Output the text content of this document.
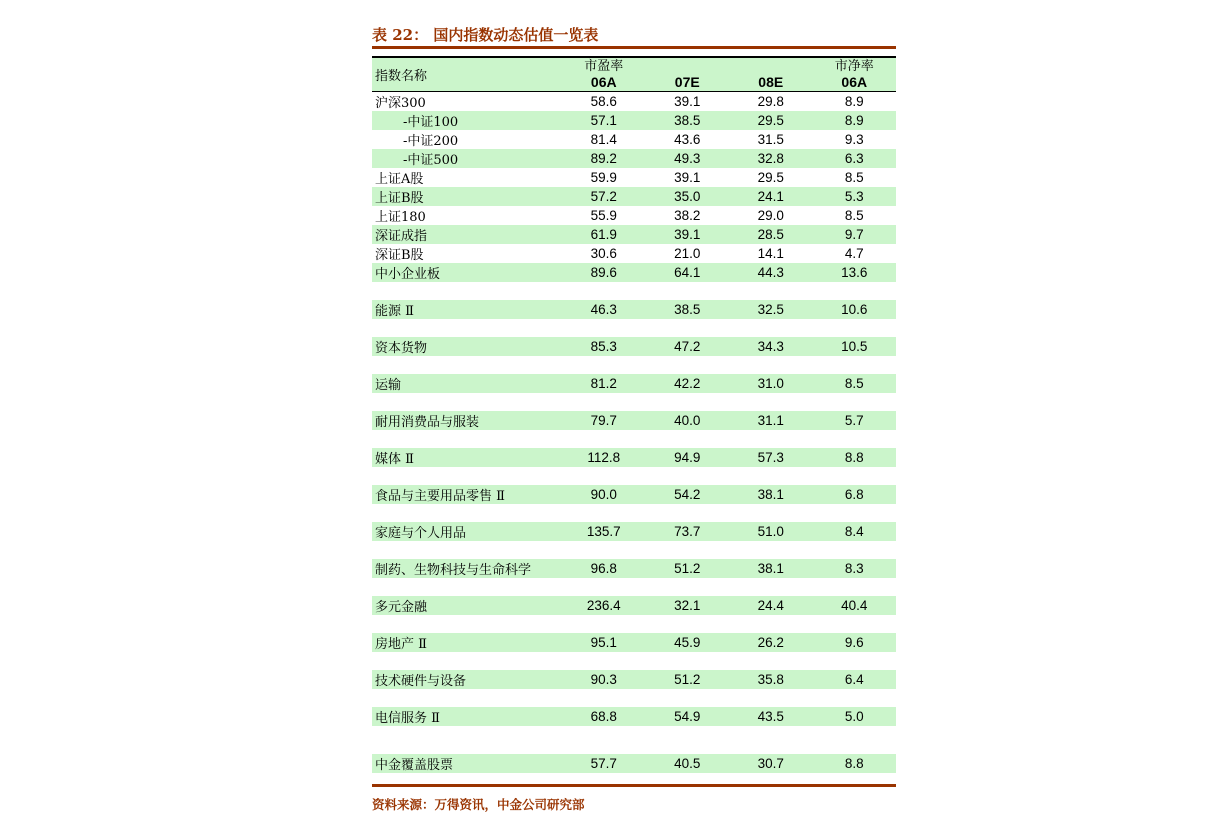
表 22： 国内指数动态估值一览表
指数名称
市盈率	市净率
06A	07E	08E	06A
沪深300	58.6	39.1	29.8	8.9
-中证100	57.1	38.5	29.5	8.9
-中证200	81.4	43.6	31.5	9.3
-中证500	89.2	49.3	32.8	6.3
上证A股	59.9	39.1	29.5	8.5
上证B股	57.2	35.0	24.1	5.3
上证180	55.9	38.2	29.0	8.5
深证成指	61.9	39.1	28.5	9.7
深证B股	30.6	21.0	14.1	4.7
中小企业板	89.6	64.1	44.3	13.6
能源 Ⅱ	46.3	38.5	32.5	10.6
资本货物	85.3	47.2	34.3	10.5
运输	81.2	42.2	31.0	8.5
耐用消费品与服装	79.7	40.0	31.1	5.7
媒体 Ⅱ	112.8	94.9	57.3	8.8
食品与主要用品零售 Ⅱ	90.0	54.2	38.1	6.8
家庭与个人用品	135.7	73.7	51.0	8.4
制药、生物科技与生命科学	96.8	51.2	38.1	8.3
多元金融	236.4	32.1	24.4	40.4
房地产 Ⅱ	95.1	45.9	26.2	9.6
技术硬件与设备	90.3	51.2	35.8	6.4
电信服务 Ⅱ	68.8	54.9	43.5	5.0
中金覆盖股票	57.7	40.5	30.7	8.8
资料来源：万得资讯，中金公司研究部
